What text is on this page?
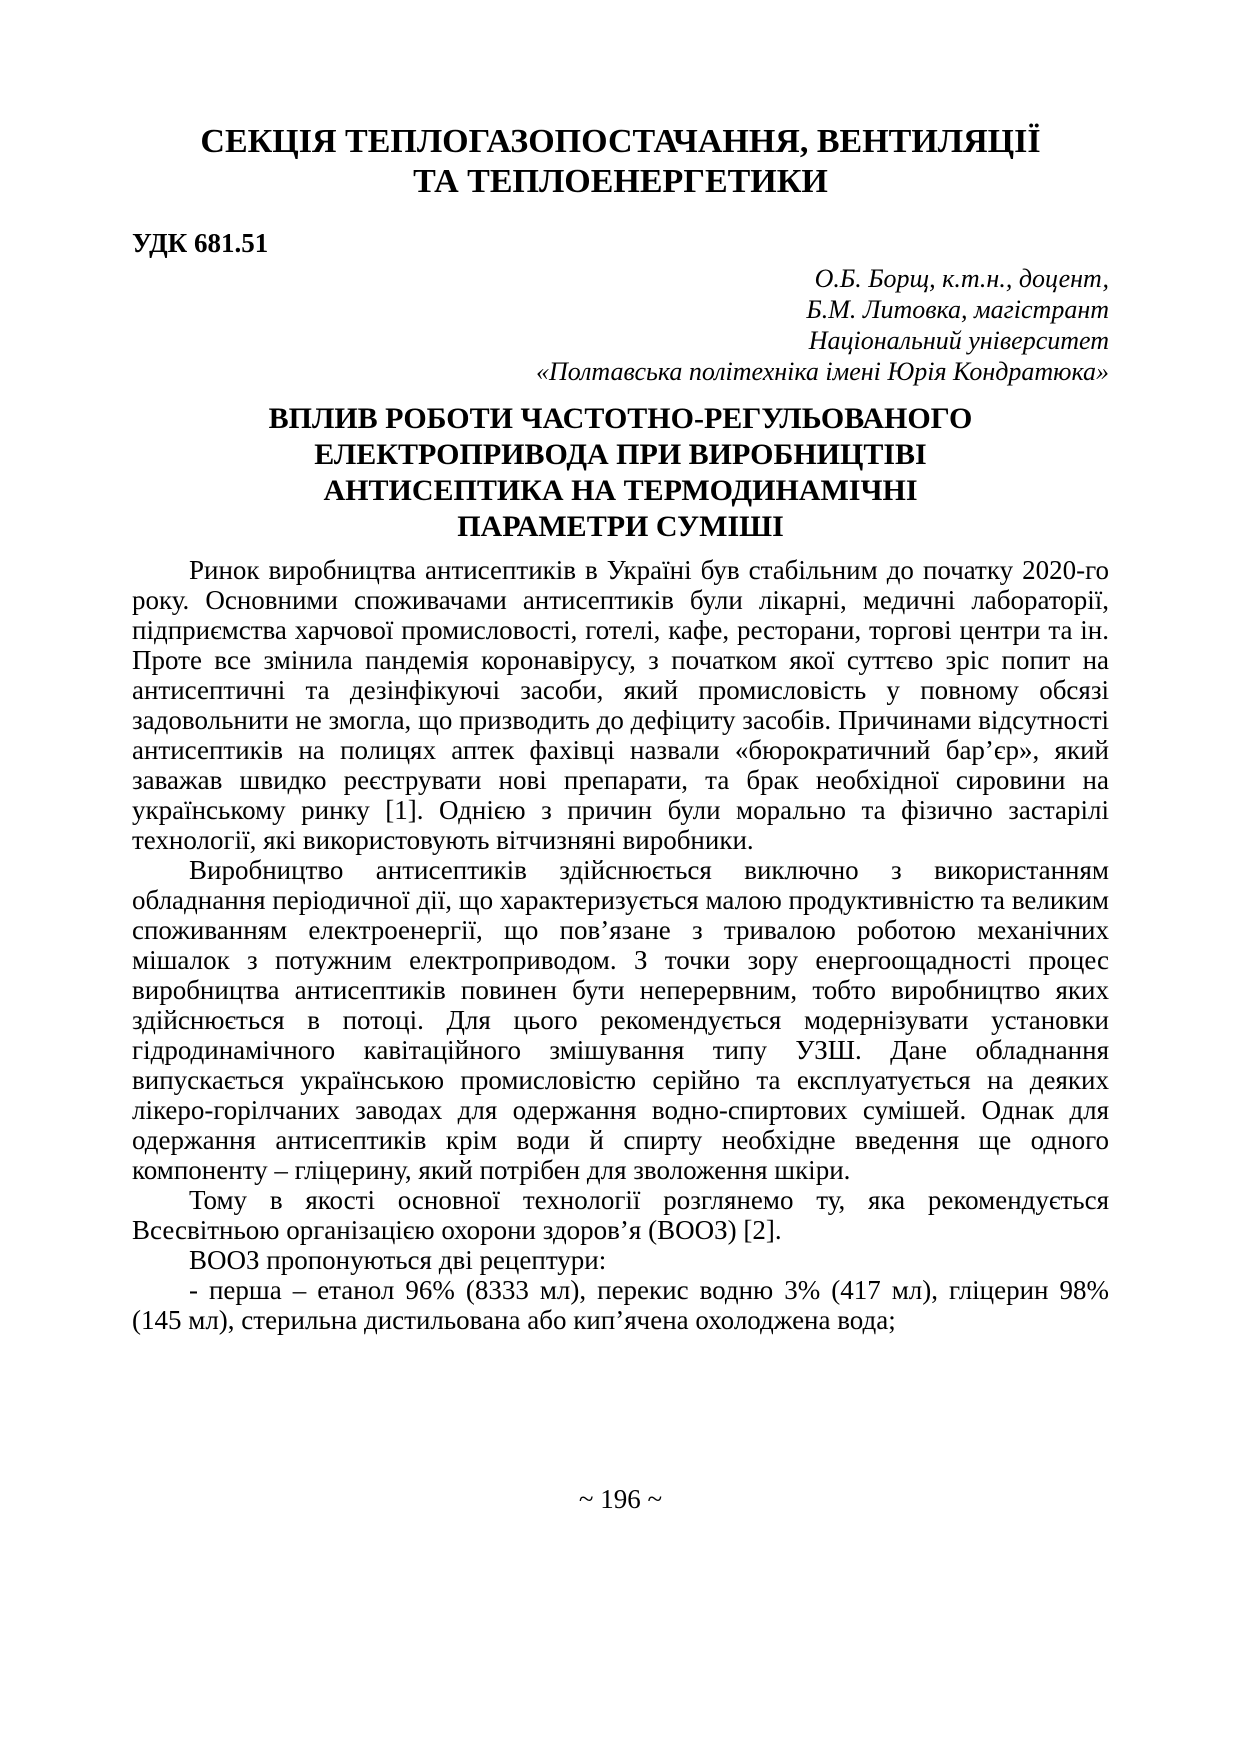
СЕКЦІЯ ТЕПЛОГАЗОПОСТАЧАННЯ, ВЕНТИЛЯЦІЇ
ТА ТЕПЛОЕНЕРГЕТИКИ
УДК 681.51
О.Б. Борщ, к.т.н., доцент,
Б.М. Литовка, магістрант
Національний університет
«Полтавська політехніка імені Юрія Кондратюка»
ВПЛИВ РОБОТИ ЧАСТОТНО-РЕГУЛЬОВАНОГО
ЕЛЕКТРОПРИВОДА ПРИ ВИРОБНИЦТІВІ
АНТИСЕПТИКА НА ТЕРМОДИНАМІЧНІ
ПАРАМЕТРИ СУМІШІ

Ринок виробництва антисептиків в Україні був стабільним до початку 2020-го року. Основними споживачами антисептиків були лікарні, медичні лабораторії, підприємства харчової промисловості, готелі, кафе, ресторани, торгові центри та ін. Проте все змінила пандемія коронавірусу, з початком якої суттєво зріс попит на антисептичні та дезінфікуючі засоби, який промисловість у повному обсязі задовольнити не змогла, що призводить до дефіциту засобів. Причинами відсутності антисептиків на полицях аптек фахівці назвали «бюрократичний бар’єр», який заважав швидко реєструвати нові препарати, та брак необхідної сировини на українському ринку [1]. Однією з причин були морально та фізично застарілі технології, які використовують вітчизняні виробники.

Виробництво антисептиків здійснюється виключно з використанням обладнання періодичної дії, що характеризується малою продуктивністю та великим споживанням електроенергії, що пов’язане з тривалою роботою механічних мішалок з потужним електроприводом. З точки зору енергоощадності процес виробництва антисептиків повинен бути неперервним, тобто виробництво яких здійснюється в потоці. Для цього рекомендується модернізувати установки гідродинамічного кавітаційного змішування типу УЗШ. Дане обладнання випускається українською промисловістю серійно та експлуатується на деяких лікеро-горілчаних заводах для одержання водно-спиртових сумішей. Однак для одержання антисептиків крім води й спирту необхідне введення ще одного компоненту – гліцерину, який потрібен для зволоження шкіри.

Тому в якості основної технології розглянемо ту, яка рекомендується Всесвітньою організацією охорони здоров’я (ВООЗ) [2].

ВООЗ пропонуються дві рецептури:

- перша – етанол 96% (8333 мл), перекис водню 3% (417 мл), гліцерин 98% (145 мл), стерильна дистильована або кип’ячена охолоджена вода;

~ 196 ~
